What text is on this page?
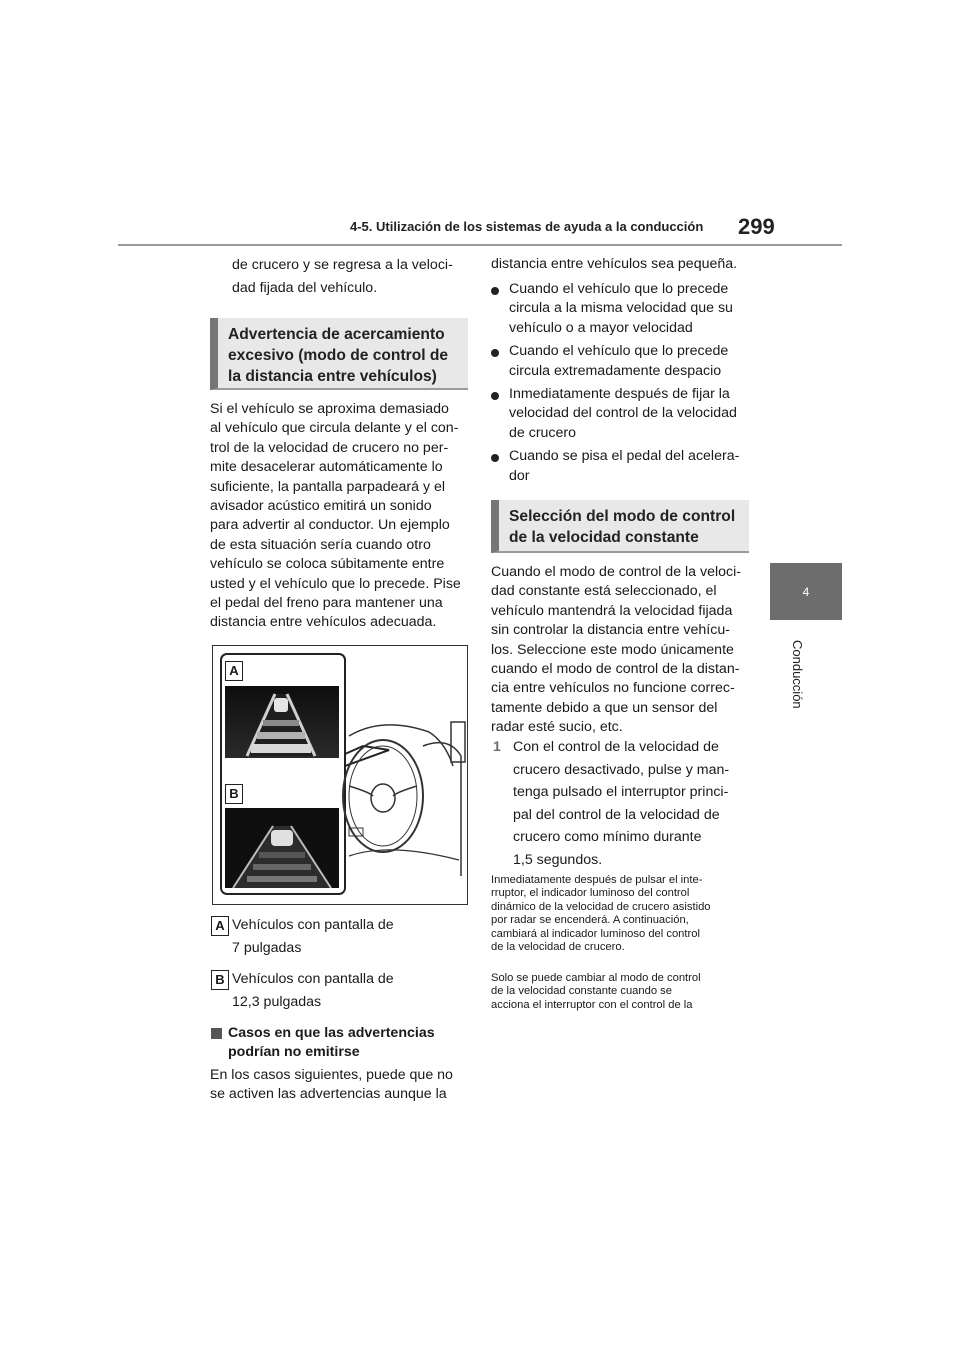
4-5. Utilización de los sistemas de ayuda a la conducción 299
4
Conducción
de crucero y se regresa a la veloci-
dad fijada del vehículo.
Advertencia de acercamiento
excesivo (modo de control de
la distancia entre vehículos)
Si el vehículo se aproxima demasiado
al vehículo que circula delante y el con-
trol de la velocidad de crucero no per-
mite desacelerar automáticamente lo
suficiente, la pantalla parpadeará y el
avisador acústico emitirá un sonido
para advertir al conductor. Un ejemplo
de esta situación sería cuando otro
vehículo se coloca súbitamente entre
usted y el vehículo que lo precede. Pise
el pedal del freno para mantener una
distancia entre vehículos adecuada.
A
B
A Vehículos con pantalla de
7 pulgadas
B Vehículos con pantalla de
12,3 pulgadas
Casos en que las advertencias
podrían no emitirse
En los casos siguientes, puede que no
se activen las advertencias aunque la
distancia entre vehículos sea pequeña.
Cuando el vehículo que lo precede
circula a la misma velocidad que su
vehículo o a mayor velocidad
Cuando el vehículo que lo precede
circula extremadamente despacio
Inmediatamente después de fijar la
velocidad del control de la velocidad
de crucero
Cuando se pisa el pedal del acelera-
dor
Selección del modo de control
de la velocidad constante
Cuando el modo de control de la veloci-
dad constante está seleccionado, el
vehículo mantendrá la velocidad fijada
sin controlar la distancia entre vehícu-
los. Seleccione este modo únicamente
cuando el modo de control de la distan-
cia entre vehículos no funcione correc-
tamente debido a que un sensor del
radar esté sucio, etc.
1 Con el control de la velocidad de
crucero desactivado, pulse y man-
tenga pulsado el interruptor princi-
pal del control de la velocidad de
crucero como mínimo durante
1,5 segundos.
Inmediatamente después de pulsar el inte-
rruptor, el indicador luminoso del control
dinámico de la velocidad de crucero asistido
por radar se encenderá. A continuación,
cambiará al indicador luminoso del control
de la velocidad de crucero.
Solo se puede cambiar al modo de control
de la velocidad constante cuando se
acciona el interruptor con el control de la
